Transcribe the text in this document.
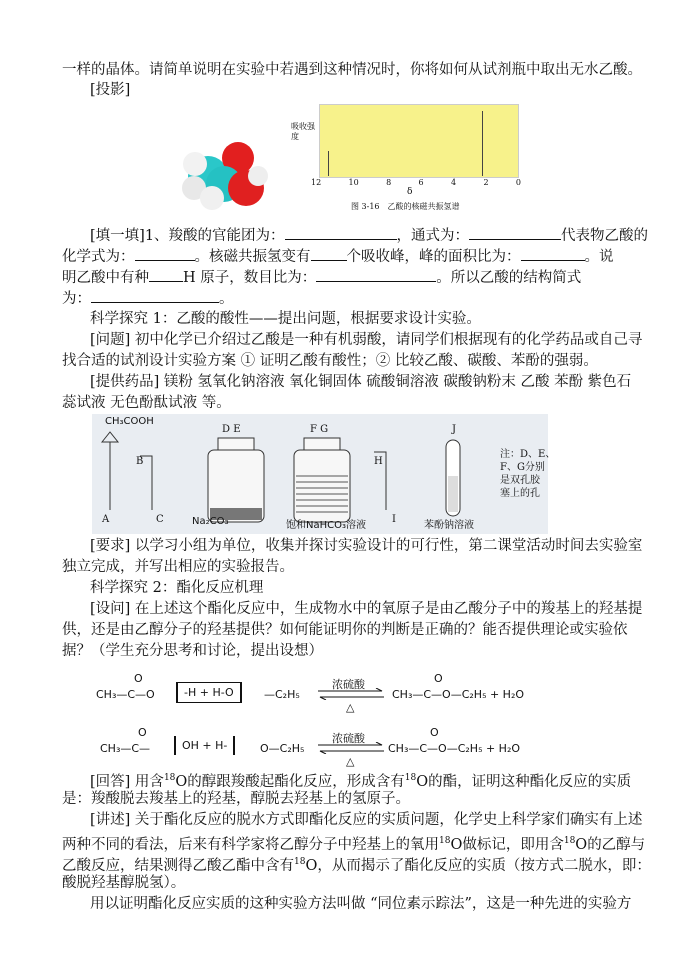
一样的晶体。请简单说明在实验中若遇到这种情况时，你将如何从试剂瓶中取出无水乙酸。
[投影]
吸收强度
12	10	8	6	4	2	0
δ
图 3-16　乙酸的核磁共振氢谱
[填一填]1、羧酸的官能团为：	，通式为：	代表物乙酸的
化学式为：	。核磁共振氢变有 个吸收峰，峰的面积比为：	。说
明乙酸中有种 H 原子，数目比为：	。所以乙酸的结构简式
为：	。
科学探究 1：乙酸的酸性——提出问题，根据要求设计实验。
[问题] 初中化学已介绍过乙酸是一种有机弱酸，请同学们根据现有的化学药品或自己寻
找合适的试剂设计实验方案 ① 证明乙酸有酸性；② 比较乙酸、碳酸、苯酚的强弱。
[提供药品] 镁粉 氢氧化钠溶液 氧化铜固体 硫酸铜溶液 碳酸钠粉末 乙酸 苯酚 紫色石
蕊试液 无色酚酞试液 等。
CH₃COOH
A
B
C
D E	F G
H
I
J
Na₂CO₃	饱和NaHCO₃溶液	苯酚钠溶液
注：D、E、
F、G分别
是双孔胶
塞上的孔
[要求] 以学习小组为单位，收集并探讨实验设计的可行性，第二课堂活动时间去实验室
独立完成，并写出相应的实验报告。
科学探究 2：酯化反应机理
[设问] 在上述这个酯化反应中，生成物水中的氧原子是由乙酸分子中的羧基上的羟基提
供，还是由乙醇分子的羟基提供？如何能证明你的判断是正确的？能否提供理论或实验依
据？（学生充分思考和讨论，提出设想）
O
CH₃—C—O	-H + H-O	—C₂H₅
浓硫酸
△
O
CH₃—C—O—C₂H₅ + H₂O
O
CH₃—C—	OH + H-	O—C₂H₅
浓硫酸
△
O
CH₃—C—O—C₂H₅ + H₂O
[回答] 用含$^{18}$O的醇跟羧酸起酯化反应，形成含有$^{18}$O的酯，证明这种酯化反应的实质
是：羧酸脱去羧基上的羟基，醇脱去羟基上的氢原子。
[讲述] 关于酯化反应的脱水方式即酯化反应的实质问题，化学史上科学家们确实有上述
两种不同的看法，后来有科学家将乙醇分子中羟基上的氧用$^{18}$O做标记，即用含$^{18}$O的乙醇与
乙酸反应，结果测得乙酸乙酯中含有$^{18}$O，从而揭示了酯化反应的实质（按方式二脱水，即：
酸脱羟基醇脱氢）。
用以证明酯化反应实质的这种实验方法叫做 “同位素示踪法”，这是一种先进的实验方
